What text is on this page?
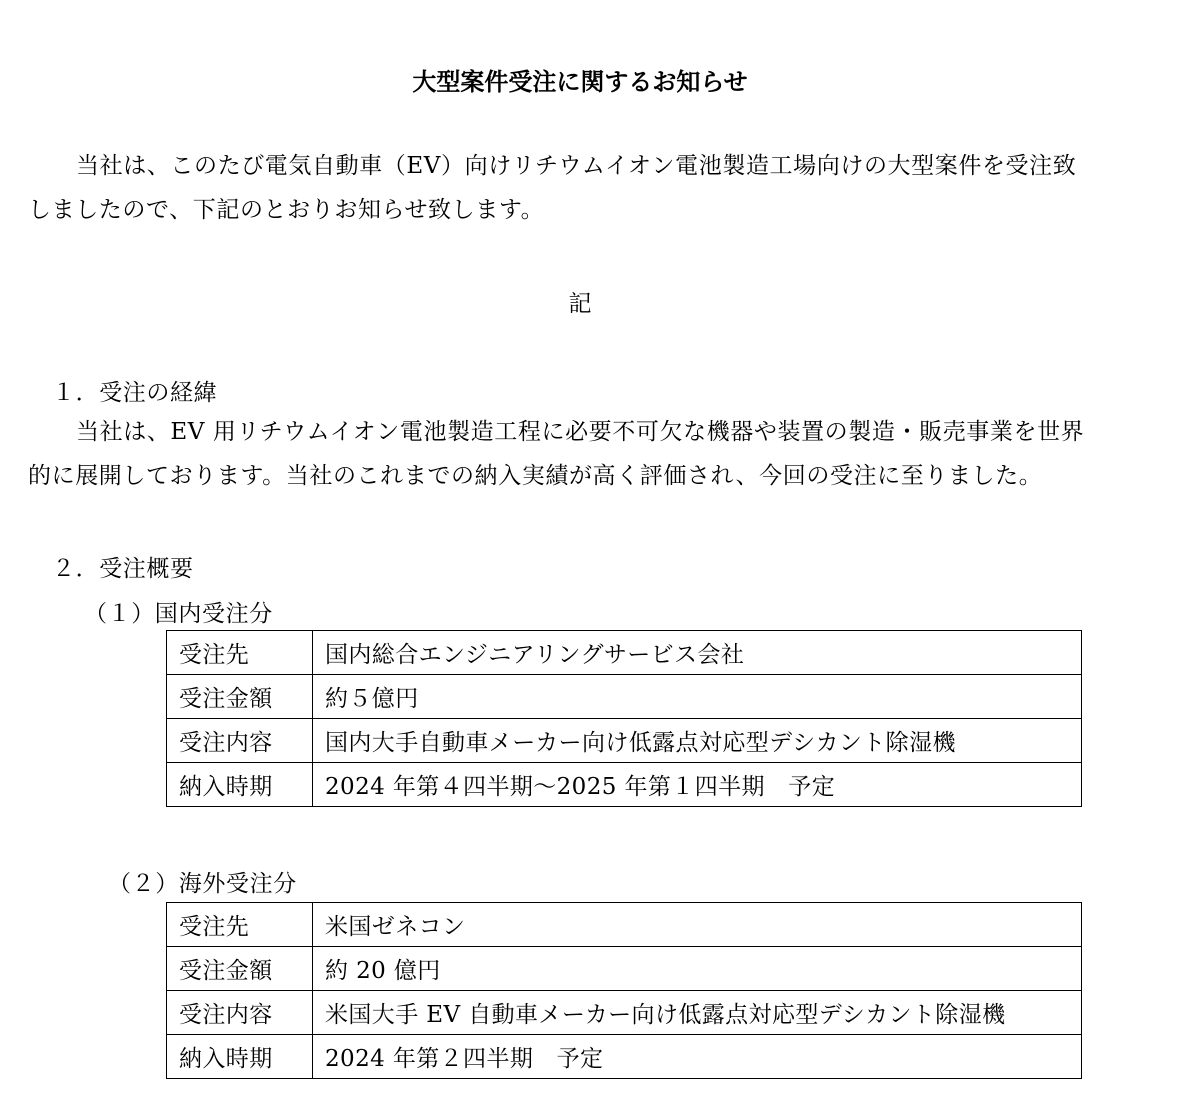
大型案件受注に関するお知らせ
当社は、このたび電気自動車（EV）向けリチウムイオン電池製造工場向けの大型案件を受注致
しましたので、下記のとおりお知らせ致します。
記
１．受注の経緯
当社は、EV 用リチウムイオン電池製造工程に必要不可欠な機器や装置の製造・販売事業を世界
的に展開しております。当社のこれまでの納入実績が高く評価され、今回の受注に至りました。
２．受注概要
（１）国内受注分
受注先	国内総合エンジニアリングサービス会社
受注金額	約５億円
受注内容	国内大手自動車メーカー向け低露点対応型デシカント除湿機
納入時期	2024 年第４四半期～2025 年第１四半期　予定
（２）海外受注分
受注先	米国ゼネコン
受注金額	約 20 億円
受注内容	米国大手 EV 自動車メーカー向け低露点対応型デシカント除湿機
納入時期	2024 年第２四半期　予定
